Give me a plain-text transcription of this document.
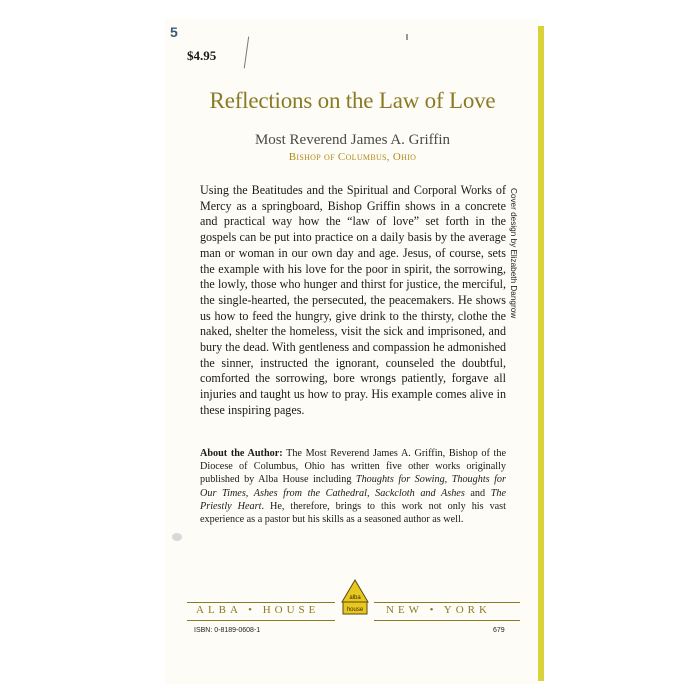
5
$4.95
Reflections on the Law of Love
Most Reverend James A. Griffin
Bishop of Columbus, Ohio
Using the Beatitudes and the Spiritual and Corporal Works of Mercy as a springboard, Bishop Griffin shows in a concrete and practical way how the “law of love” set forth in the gospels can be put into practice on a daily basis by the average man or woman in our own day and age. Jesus, of course, sets the example with his love for the poor in spirit, the sorrowing, the lowly, those who hunger and thirst for justice, the merciful, the single-hearted, the persecuted, the peacemakers. He shows us how to feed the hungry, give drink to the thirsty, clothe the naked, shelter the homeless, visit the sick and imprisoned, and bury the dead. With gentleness and compassion he admonished the sinner, instructed the ignorant, counseled the doubtful, comforted the sorrowing, bore wrongs patiently, forgave all injuries and taught us how to pray. His example comes alive in these inspiring pages.
About the Author: The Most Reverend James A. Griffin, Bishop of the Diocese of Columbus, Ohio has written five other works originally published by Alba House including Thoughts for Sowing, Thoughts for Our Times, Ashes from the Cathedral, Sackcloth and Ashes and The Priestly Heart. He, therefore, brings to this work not only his vast experience as a pastor but his skills as a seasoned author as well.
Cover design by Elizabeth Dangrow
ALBA • HOUSE	NEW • YORK
alba
house
ISBN: 0-8189-0608-1	679
